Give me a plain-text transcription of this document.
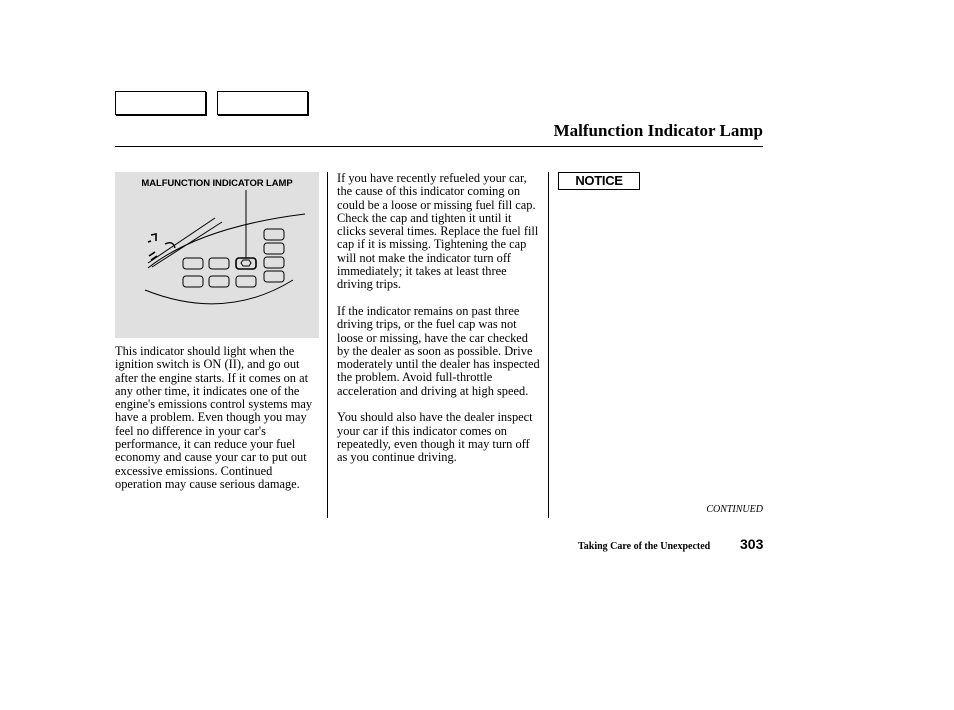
Malfunction Indicator Lamp
MALFUNCTION INDICATOR LAMP

This indicator should light when the ignition switch is ON (II), and go out after the engine starts. If it comes on at any other time, it indicates one of the engine's emissions control systems may have a problem. Even though you may feel no difference in your car's performance, it can reduce your fuel economy and cause your car to put out excessive emissions. Continued operation may cause serious damage.

If you have recently refueled your car, the cause of this indicator coming on could be a loose or missing fuel fill cap. Check the cap and tighten it until it clicks several times. Replace the fuel fill cap if it is missing. Tightening the cap will not make the indicator turn off immediately; it takes at least three driving trips.

If the indicator remains on past three driving trips, or the fuel cap was not loose or missing, have the car checked by the dealer as soon as possible. Drive moderately until the dealer has inspected the problem. Avoid full-throttle acceleration and driving at high speed.

You should also have the dealer inspect your car if this indicator comes on repeatedly, even though it may turn off as you continue driving.

NOTICE
CONTINUED
Taking Care of the Unexpected 303
